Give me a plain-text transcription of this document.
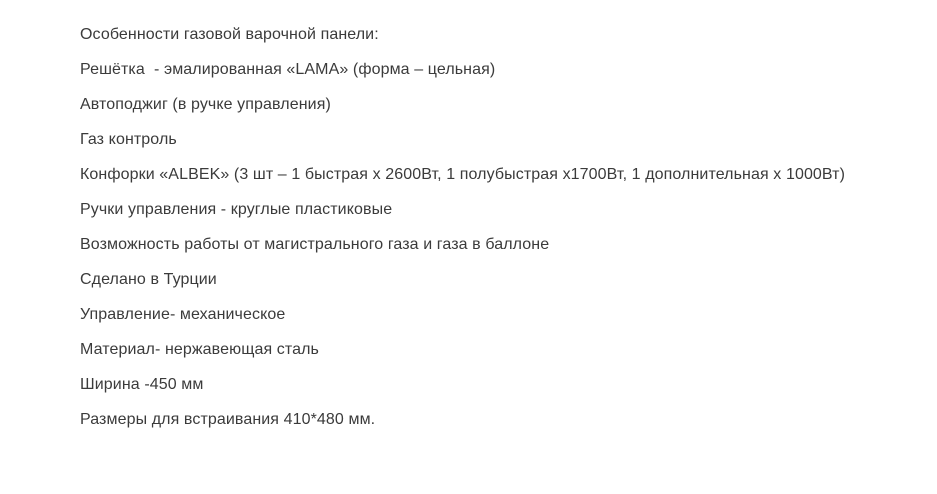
Особенности газовой варочной панели:

Решётка  - эмалированная «LAMA» (форма – цельная)

Автоподжиг (в ручке управления)

Газ контроль

Конфорки «ALBEK» (3 шт – 1 быстрая х 2600Вт, 1 полубыстрая х1700Вт, 1 дополнительная х 1000Вт)

Ручки управления - круглые пластиковые

Возможность работы от магистрального газа и газа в баллоне

Сделано в Турции

Управление- механическое

Материал- нержавеющая сталь

Ширина -450 мм

Размеры для встраивания 410*480 мм.
